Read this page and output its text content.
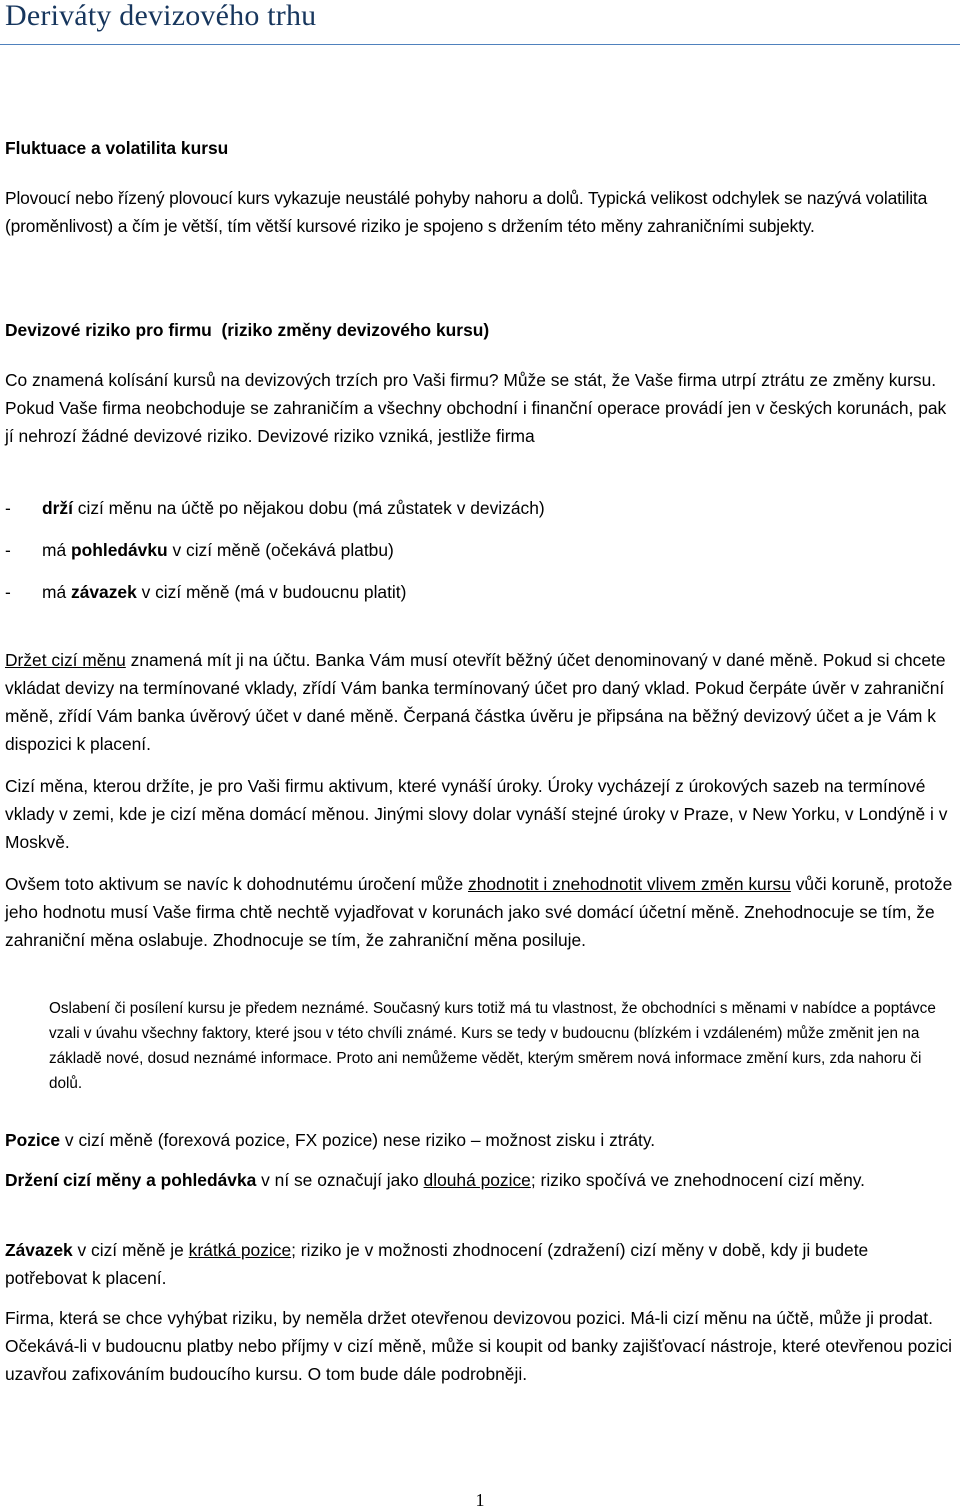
Deriváty devizového trhu
Fluktuace a volatilita kursu
Plovoucí nebo řízený plovoucí kurs vykazuje neustálé pohyby nahoru a dolů. Typická velikost odchylek se nazývá volatilita (proměnlivost) a čím je větší, tím větší kursové riziko je spojeno s držením této měny zahraničními subjekty.
Devizové riziko pro firmu  (riziko změny devizového kursu)
Co znamená kolísání kursů na devizových trzích pro Vaši firmu? Může se stát, že Vaše firma utrpí ztrátu ze změny kursu. Pokud Vaše firma neobchoduje se zahraničím a všechny obchodní i finanční operace provádí jen v českých korunách, pak jí nehrozí žádné devizové riziko. Devizové riziko vzniká, jestliže firma
-	drží cizí měnu na účtě po nějakou dobu (má zůstatek v devizách)
-	má pohledávku v cizí měně (očekává platbu)
-	má závazek v cizí měně (má v budoucnu platit)
Držet cizí měnu znamená mít ji na účtu. Banka Vám musí otevřít běžný účet denominovaný v dané měně. Pokud si chcete vkládat devizy na termínované vklady, zřídí Vám banka termínovaný účet pro daný vklad. Pokud čerpáte úvěr v zahraniční měně, zřídí Vám banka úvěrový účet v dané měně. Čerpaná částka úvěru je připsána na běžný devizový účet a je Vám k dispozici k placení.
Cizí měna, kterou držíte, je pro Vaši firmu aktivum, které vynáší úroky. Úroky vycházejí z úrokových sazeb na termínové vklady v zemi, kde je cizí měna domácí měnou. Jinými slovy dolar vynáší stejné úroky v Praze, v New Yorku, v Londýně i v Moskvě.
Ovšem toto aktivum se navíc k dohodnutému úročení může zhodnotit i znehodnotit vlivem změn kursu vůči koruně, protože jeho hodnotu musí Vaše firma chtě nechtě vyjadřovat v korunách jako své domácí účetní měně. Znehodnocuje se tím, že zahraniční měna oslabuje. Zhodnocuje se tím, že zahraniční měna posiluje.
Oslabení či posílení kursu je předem neznámé. Současný kurs totiž má tu vlastnost, že obchodníci s měnami v nabídce a poptávce vzali v úvahu všechny faktory, které jsou v této chvíli známé. Kurs se tedy v budoucnu (blízkém i vzdáleném) může změnit jen na základě nové, dosud neznámé informace. Proto ani nemůžeme vědět, kterým směrem nová informace změní kurs, zda nahoru či dolů.
Pozice v cizí měně (forexová pozice, FX pozice) nese riziko – možnost zisku i ztráty.
Držení cizí měny a pohledávka v ní se označují jako dlouhá pozice; riziko spočívá ve znehodnocení cizí měny.
Závazek v cizí měně je krátká pozice; riziko je v možnosti zhodnocení (zdražení) cizí měny v době, kdy ji budete potřebovat k placení.
Firma, která se chce vyhýbat riziku, by neměla držet otevřenou devizovou pozici. Má-li cizí měnu na účtě, může ji prodat. Očekává-li v budoucnu platby nebo příjmy v cizí měně, může si koupit od banky zajišťovací nástroje, které otevřenou pozici uzavřou zafixováním budoucího kursu. O tom bude dále podrobněji.
1
